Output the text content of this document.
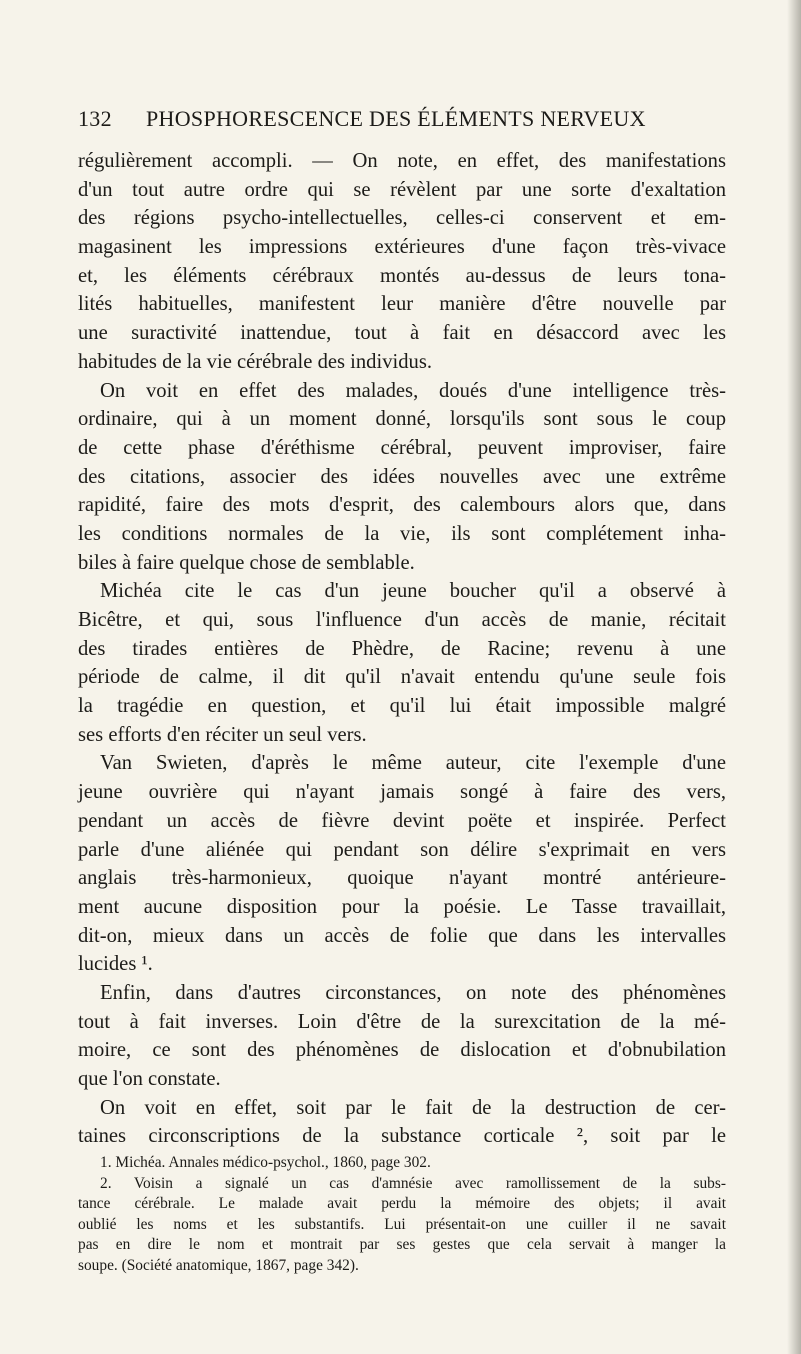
132 PHOSPHORESCENCE DES ÉLÉMENTS NERVEUX
régulièrement accompli. — On note, en effet, des manifestations
d'un tout autre ordre qui se révèlent par une sorte d'exaltation
des régions psycho-intellectuelles, celles-ci conservent et em-
magasinent les impressions extérieures d'une façon très-vivace
et, les éléments cérébraux montés au-dessus de leurs tona-
lités habituelles, manifestent leur manière d'être nouvelle par
une suractivité inattendue, tout à fait en désaccord avec les
habitudes de la vie cérébrale des individus.
On voit en effet des malades, doués d'une intelligence très-
ordinaire, qui à un moment donné, lorsqu'ils sont sous le coup
de cette phase d'éréthisme cérébral, peuvent improviser, faire
des citations, associer des idées nouvelles avec une extrême
rapidité, faire des mots d'esprit, des calembours alors que, dans
les conditions normales de la vie, ils sont complétement inha-
biles à faire quelque chose de semblable.
Michéa cite le cas d'un jeune boucher qu'il a observé à
Bicêtre, et qui, sous l'influence d'un accès de manie, récitait
des tirades entières de Phèdre, de Racine; revenu à une
période de calme, il dit qu'il n'avait entendu qu'une seule fois
la tragédie en question, et qu'il lui était impossible malgré
ses efforts d'en réciter un seul vers.
Van Swieten, d'après le même auteur, cite l'exemple d'une
jeune ouvrière qui n'ayant jamais songé à faire des vers,
pendant un accès de fièvre devint poëte et inspirée. Perfect
parle d'une aliénée qui pendant son délire s'exprimait en vers
anglais très-harmonieux, quoique n'ayant montré antérieure-
ment aucune disposition pour la poésie. Le Tasse travaillait,
dit-on, mieux dans un accès de folie que dans les intervalles
lucides ¹.
Enfin, dans d'autres circonstances, on note des phénomènes
tout à fait inverses. Loin d'être de la surexcitation de la mé-
moire, ce sont des phénomènes de dislocation et d'obnubilation
que l'on constate.
On voit en effet, soit par le fait de la destruction de cer-
taines circonscriptions de la substance corticale ², soit par le
1. Michéa. Annales médico-psychol., 1860, page 302.
2. Voisin a signalé un cas d'amnésie avec ramollissement de la subs-
tance cérébrale. Le malade avait perdu la mémoire des objets; il avait
oublié les noms et les substantifs. Lui présentait-on une cuiller il ne savait
pas en dire le nom et montrait par ses gestes que cela servait à manger la
soupe. (Société anatomique, 1867, page 342).
